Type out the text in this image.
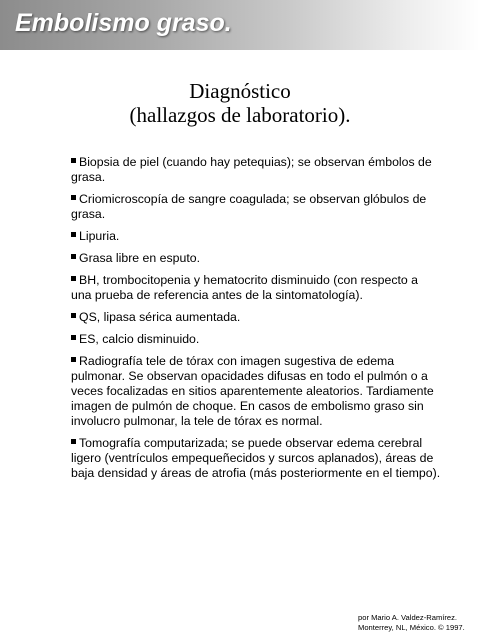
Embolismo graso.
Diagnóstico
(hallazgos de laboratorio).
Biopsia de piel (cuando hay petequias); se observan émbolos de grasa.
Criomicroscopía de sangre coagulada; se observan glóbulos de grasa.
Lipuria.
Grasa libre en esputo.
BH, trombocitopenia y hematocrito disminuido (con respecto a una prueba de referencia antes de la sintomatología).
QS, lipasa sérica aumentada.
ES, calcio disminuido.
Radiografía tele de tórax con imagen sugestiva de edema pulmonar. Se observan opacidades difusas en todo el pulmón o a veces focalizadas en sitios aparentemente aleatorios. Tardiamente imagen de pulmón de choque. En casos de embolismo graso sin involucro pulmonar, la tele de tórax es normal.
Tomografía computarizada; se puede observar edema cerebral ligero (ventrículos empequeñecidos y surcos aplanados), áreas de baja densidad y áreas de atrofia (más posteriormente en el tiempo).
por Mario A. Valdez-Ramírez.
Monterrey, NL, México. © 1997.
